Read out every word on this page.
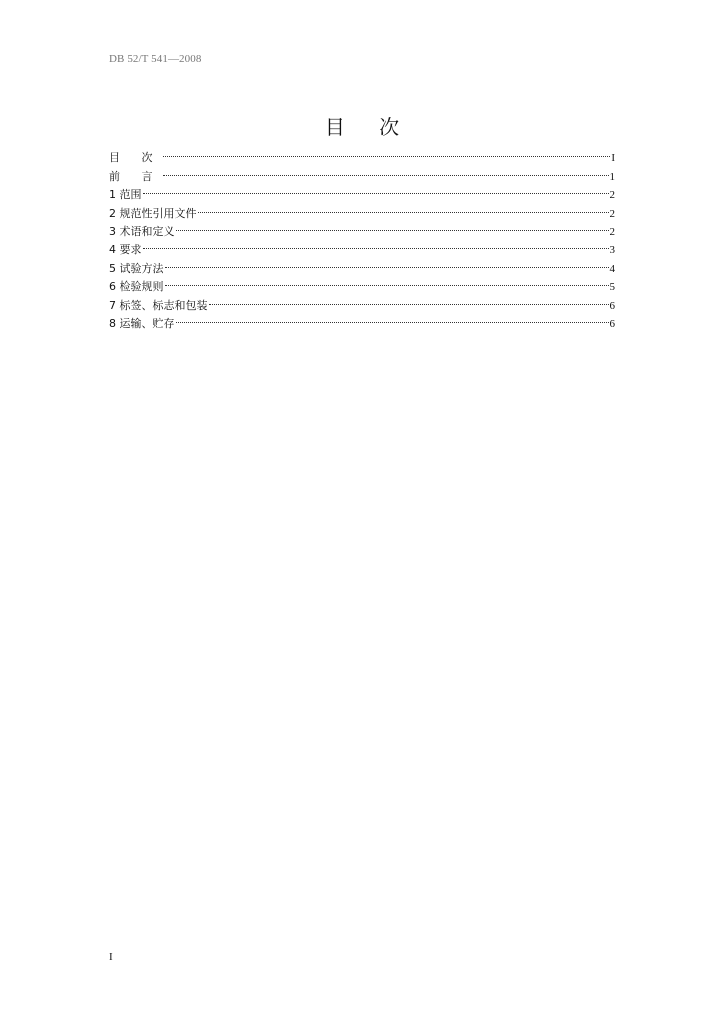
DB 52/T 541—2008
目 次
目 次	I
前 言	1
1 范围	2
2 规范性引用文件	2
3 术语和定义	2
4 要求	3
5 试验方法	4
6 检验规则	5
7 标签、标志和包装	6
8 运输、贮存	6
I
